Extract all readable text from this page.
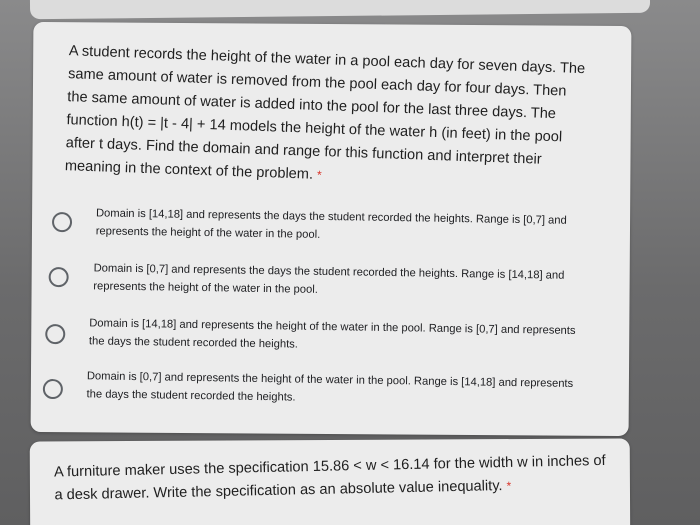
A student records the height of the water in a pool each day for seven days. The same amount of water is removed from the pool each day for four days. Then the same amount of water is added into the pool for the last three days. The function h(t) = |t - 4| + 14 models the height of the water h (in feet) in the pool after t days. Find the domain and range for this function and interpret their meaning in the context of the problem. *
Domain is [14,18] and represents the days the student recorded the heights. Range is [0,7] and represents the height of the water in the pool.
Domain is [0,7] and represents the days the student recorded the heights. Range is [14,18] and represents the height of the water in the pool.
Domain is [14,18] and represents the height of the water in the pool. Range is [0,7] and represents the days the student recorded the heights.
Domain is [0,7] and represents the height of the water in the pool. Range is [14,18] and represents the days the student recorded the heights.
A furniture maker uses the specification 15.86 < w < 16.14 for the width w in inches of a desk drawer. Write the specification as an absolute value inequality. *
